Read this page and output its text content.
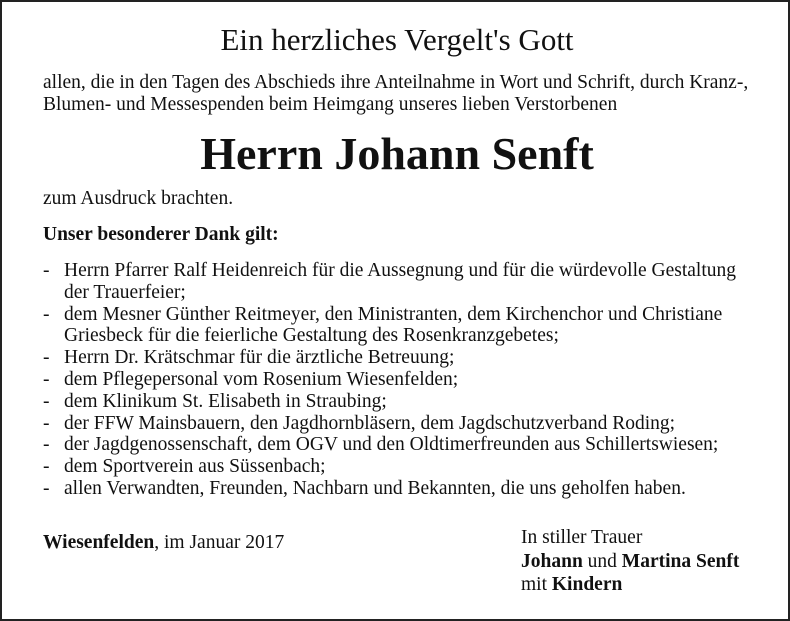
Ein herzliches Vergelt's Gott
allen, die in den Tagen des Abschieds ihre Anteilnahme in Wort und Schrift, durch Kranz-, Blumen- und Messespenden beim Heimgang unseres lieben Verstorbenen
Herrn Johann Senft
zum Ausdruck brachten.
Unser besonderer Dank gilt:
- Herrn Pfarrer Ralf Heidenreich für die Aussegnung und für die würdevolle Gestaltung der Trauerfeier;
- dem Mesner Günther Reitmeyer, den Ministranten, dem Kirchenchor und Christiane Griesbeck für die feierliche Gestaltung des Rosenkranzgebetes;
- Herrn Dr. Krätschmar für die ärztliche Betreuung;
- dem Pflegepersonal vom Rosenium Wiesenfelden;
- dem Klinikum St. Elisabeth in Straubing;
- der FFW Mainsbauern, den Jagdhornbläsern, dem Jagdschutzverband Roding;
- der Jagdgenossenschaft, dem OGV und den Oldtimerfreunden aus Schillertswiesen;
- dem Sportverein aus Süssenbach;
- allen Verwandten, Freunden, Nachbarn und Bekannten, die uns geholfen haben.
Wiesenfelden, im Januar 2017	In stiller Trauer
Johann und Martina Senft
mit Kindern
